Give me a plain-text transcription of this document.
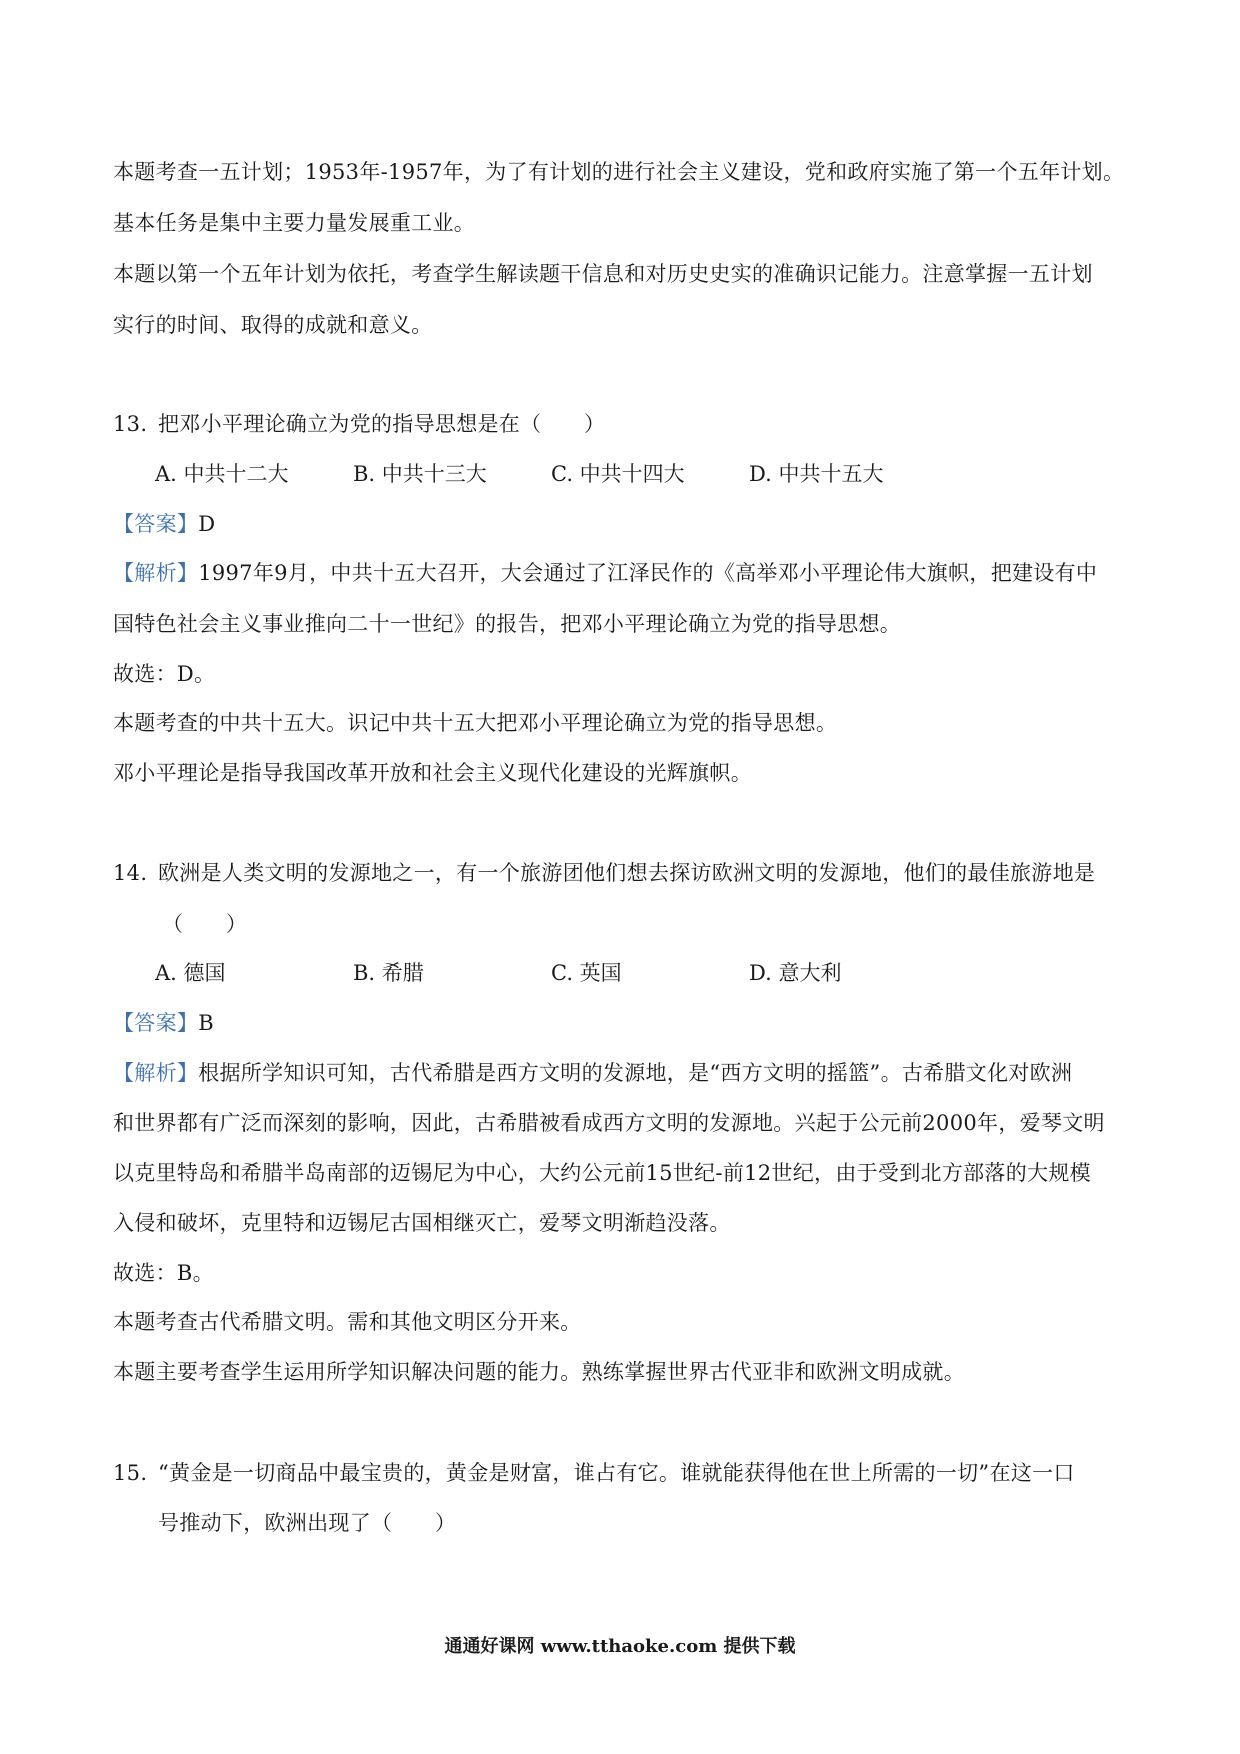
本题考查一五计划；1953年-1957年，为了有计划的进行社会主义建设，党和政府实施了第一个五年计划。
基本任务是集中主要力量发展重工业。
本题以第一个五年计划为依托，考查学生解读题干信息和对历史史实的准确识记能力。注意掌握一五计划
实行的时间、取得的成就和意义。
13. 把邓小平理论确立为党的指导思想是在（　　）
A. 中共十二大	B. 中共十三大	C. 中共十四大	D. 中共十五大
【答案】D
【解析】1997年9月，中共十五大召开，大会通过了江泽民作的《高举邓小平理论伟大旗帜，把建设有中
国特色社会主义事业推向二十一世纪》的报告，把邓小平理论确立为党的指导思想。
故选：D。
本题考查的中共十五大。识记中共十五大把邓小平理论确立为党的指导思想。
邓小平理论是指导我国改革开放和社会主义现代化建设的光辉旗帜。
14. 欧洲是人类文明的发源地之一，有一个旅游团他们想去探访欧洲文明的发源地，他们的最佳旅游地是
（　　）
A. 德国	B. 希腊	C. 英国	D. 意大利
【答案】B
【解析】根据所学知识可知，古代希腊是西方文明的发源地，是“西方文明的摇篮”。古希腊文化对欧洲
和世界都有广泛而深刻的影响，因此，古希腊被看成西方文明的发源地。兴起于公元前2000年，爱琴文明
以克里特岛和希腊半岛南部的迈锡尼为中心，大约公元前15世纪-前12世纪，由于受到北方部落的大规模
入侵和破坏，克里特和迈锡尼古国相继灭亡，爱琴文明渐趋没落。
故选：B。
本题考查古代希腊文明。需和其他文明区分开来。
本题主要考查学生运用所学知识解决问题的能力。熟练掌握世界古代亚非和欧洲文明成就。
15. “黄金是一切商品中最宝贵的，黄金是财富，谁占有它。谁就能获得他在世上所需的一切”在这一口
号推动下，欧洲出现了（　　）
通通好课网 www.tthaoke.com 提供下载
